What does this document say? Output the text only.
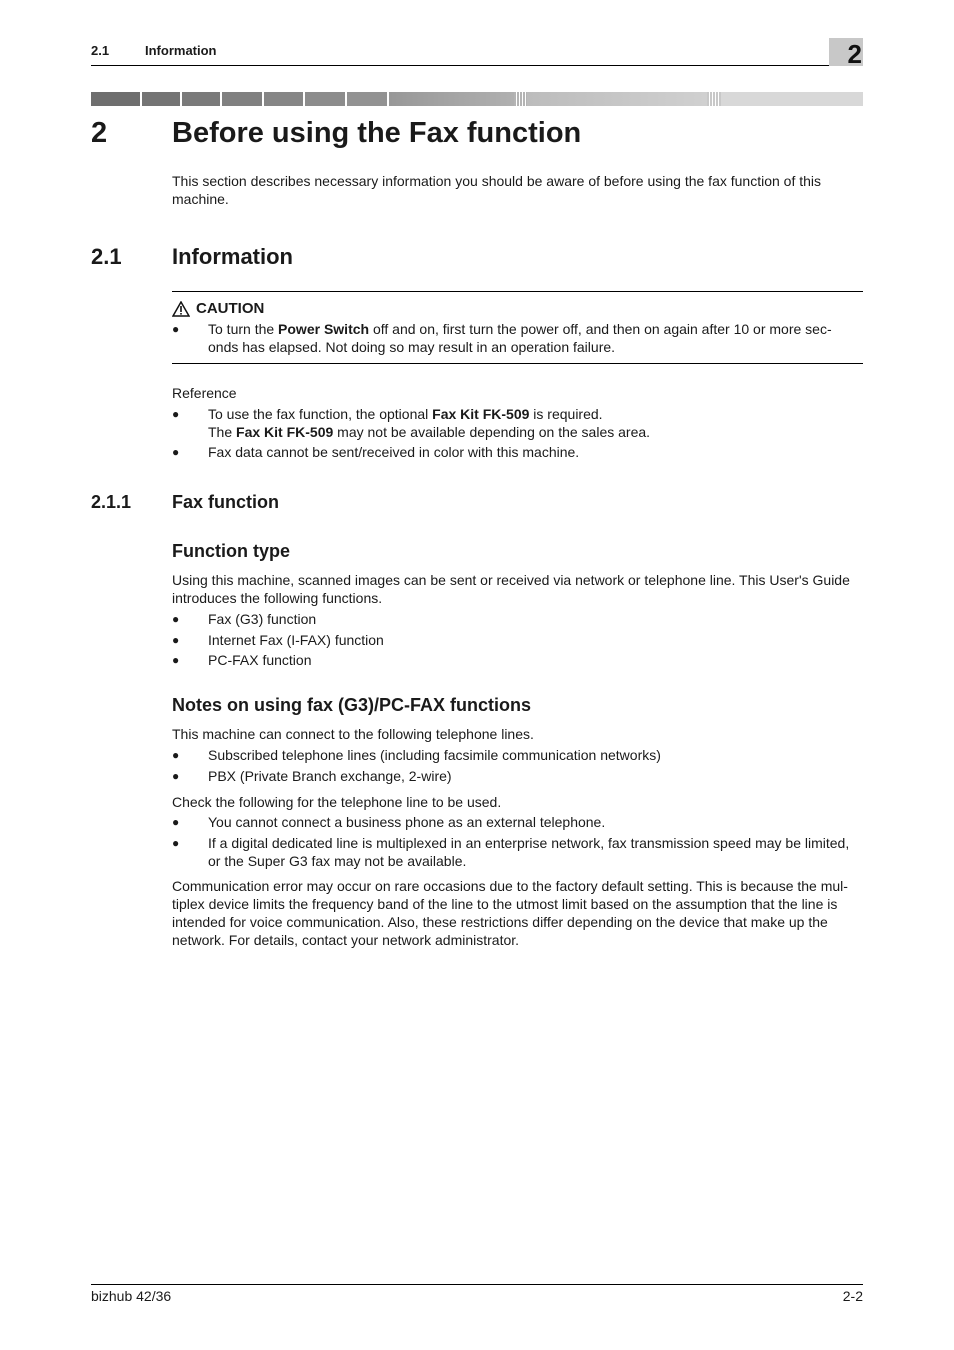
2.1	Information	2
2 Before using the Fax function
This section describes necessary information you should be aware of before using the fax function of this machine.
2.1 Information
CAUTION
● To turn the Power Switch off and on, first turn the power off, and then on again after 10 or more sec-
onds has elapsed. Not doing so may result in an operation failure.
Reference
● To use the fax function, the optional Fax Kit FK-509 is required.
The Fax Kit FK-509 may not be available depending on the sales area.
● Fax data cannot be sent/received in color with this machine.
2.1.1 Fax function
Function type
Using this machine, scanned images can be sent or received via network or telephone line. This User's Guide
introduces the following functions.
● Fax (G3) function
● Internet Fax (I-FAX) function
● PC-FAX function
Notes on using fax (G3)/PC-FAX functions
This machine can connect to the following telephone lines.
● Subscribed telephone lines (including facsimile communication networks)
● PBX (Private Branch exchange, 2-wire)
Check the following for the telephone line to be used.
● You cannot connect a business phone as an external telephone.
● If a digital dedicated line is multiplexed in an enterprise network, fax transmission speed may be limited,
or the Super G3 fax may not be available.
Communication error may occur on rare occasions due to the factory default setting. This is because the mul-
tiplex device limits the frequency band of the line to the utmost limit based on the assumption that the line is
intended for voice communication. Also, these restrictions differ depending on the device that make up the
network. For details, contact your network administrator.
bizhub 42/36	2-2
